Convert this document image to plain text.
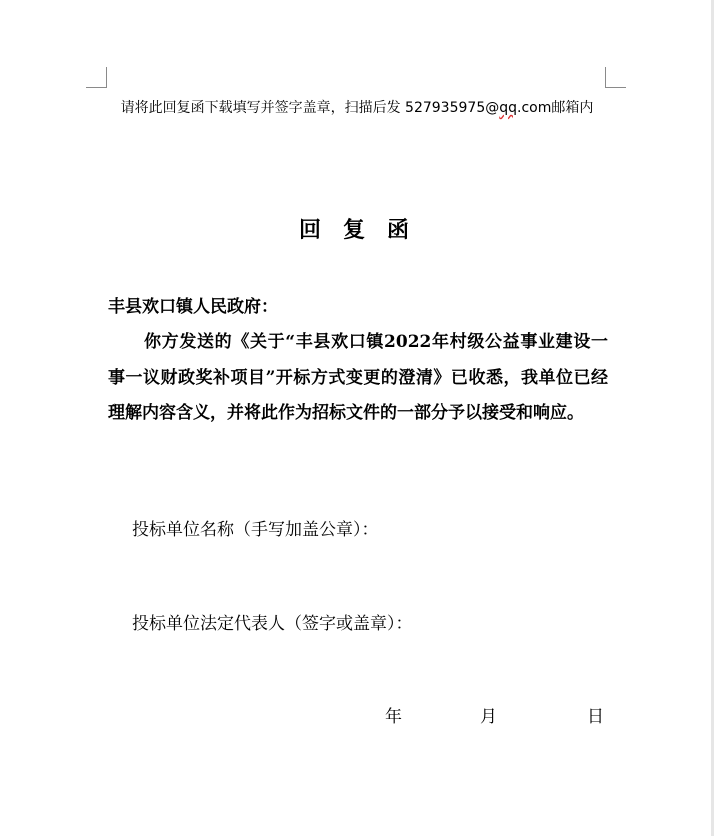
请将此回复函下载填写并签字盖章，扫描后发 527935975@qq.com邮箱内
回复函
丰县欢口镇人民政府：

你方发送的《关于“丰县欢口镇2022年村级公益事业建设一事一议财政奖补项目”开标方式变更的澄清》已收悉，我单位已经理解内容含义，并将此作为招标文件的一部分予以接受和响应。

投标单位名称（手写加盖公章）：
投标单位法定代表人（签字或盖章）：
年	月	日
